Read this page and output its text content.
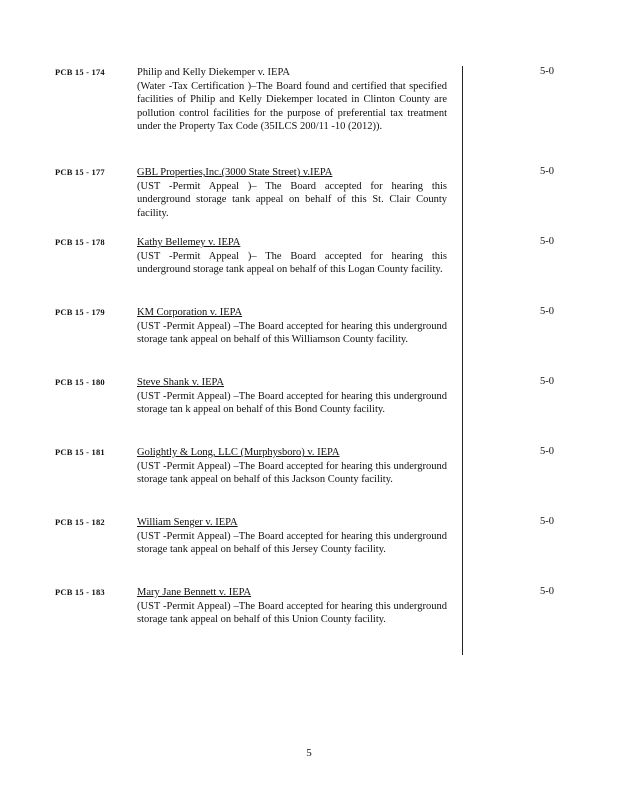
PCB 15 - 174	Philip and Kelly Diekemper v. IEPA
(Water -Tax Certification )–The Board found and certified that specified facilities of Philip and Kelly Diekemper located in Clinton County are pollution control facilities for the purpose of preferential tax treatment under the Property Tax Code (35ILCS 200/11 -10 (2012)).
5-0
PCB 15 - 177	GBL Properties,Inc.(3000 State Street) v.IEPA
(UST -Permit Appeal )– The Board accepted for hearing this underground storage tank appeal on behalf of this St. Clair County facility.
5-0
PCB 15 - 178	Kathy Bellemey v. IEPA
(UST -Permit Appeal )– The Board accepted for hearing this underground storage tank appeal on behalf of this Logan County facility.
5-0
PCB 15 - 179	KM Corporation v. IEPA
(UST -Permit Appeal) –The Board accepted for hearing this underground storage tank appeal on behalf of this Williamson County facility.
5-0
PCB 15 - 180	Steve Shank v. IEPA
(UST -Permit Appeal) –The Board accepted for hearing this underground storage tan k appeal on behalf of this Bond County facility.
5-0
PCB 15 - 181	Golightly & Long, LLC (Murphysboro) v. IEPA
(UST -Permit Appeal) –The Board accepted for hearing this underground storage tank appeal on behalf of this Jackson County facility.
5-0
PCB 15 - 182	William Senger v. IEPA
(UST -Permit Appeal) –The Board accepted for hearing this underground storage tank appeal on behalf of this Jersey County facility.
5-0
PCB 15 - 183	Mary Jane Bennett v. IEPA
(UST -Permit Appeal) –The Board accepted for hearing this underground storage tank appeal on behalf of this Union County facility.
5-0
5
